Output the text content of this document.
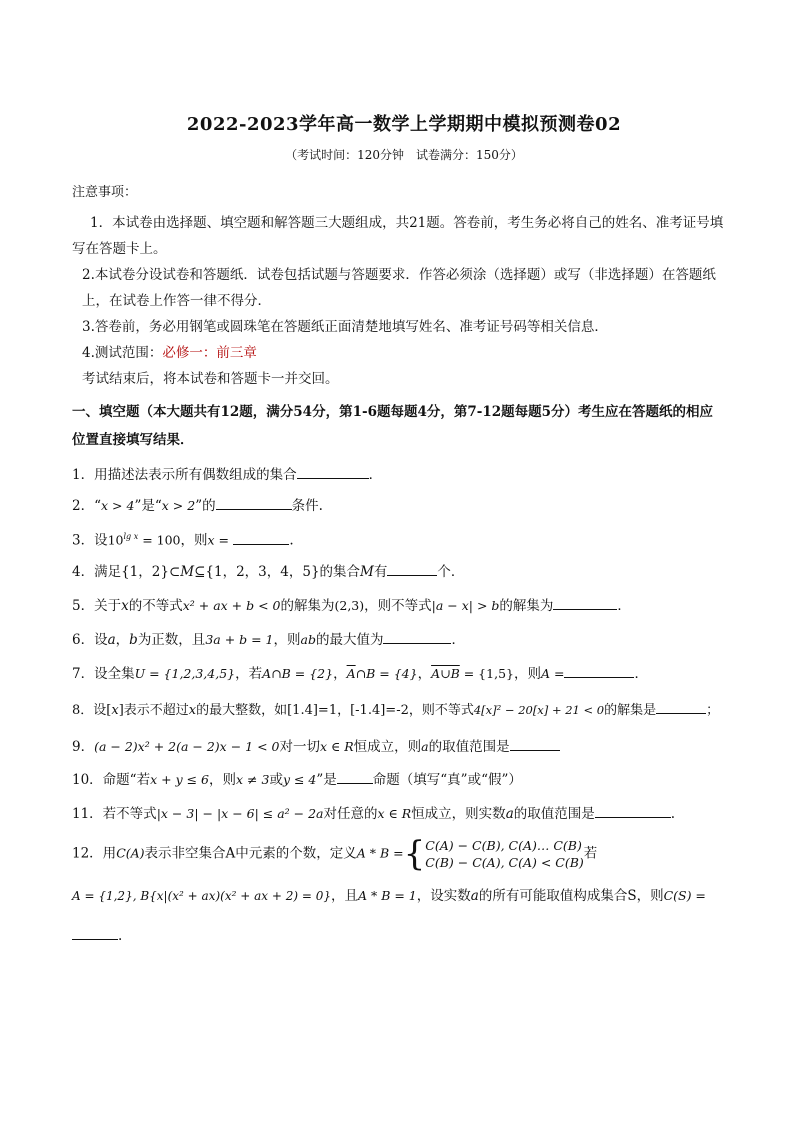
2022-2023学年高一数学上学期期中模拟预测卷02
（考试时间：120分钟　试卷满分：150分）
注意事项：

1．本试卷由选择题、填空题和解答题三大题组成，共21题。答卷前，考生务必将自己的姓名、准考证号填写在答题卡上。

2.本试卷分设试卷和答题纸．试卷包括试题与答题要求．作答必须涂（选择题）或写（非选择题）在答题纸上，在试卷上作答一律不得分．

3.答卷前，务必用钢笔或圆珠笔在答题纸正面清楚地填写姓名、准考证号码等相关信息．

4.测试范围：必修一：前三章

考试结束后，将本试卷和答题卡一并交回。

一、填空题（本大题共有12题，满分54分，第1-6题每题4分，第7-12题每题5分）考生应在答题纸的相应位置直接填写结果．

1．用描述法表示所有偶数组成的集合	．

2．“x > 4”是“x > 2”的	条件.

3．设$10^{lg x} = 100$，则x =	.

4．满足{1，2}⊂M⊆{1，2，3，4，5}的集合M有	个．

5．关于x的不等式x² + ax + b < 0的解集为(2,3)，则不等式|a − x| > b的解集为	．

6．设a，b为正数，且3a + b = 1，则ab的最大值为	．

7．设全集U = {1,2,3,4,5}，若A∩B = {2}，$\overline{A}\cap B = \{4\}$，A∪B = {1,5}，则A =	．

8．设[x]表示不超过x的最大整数，如[1.4]=1，[-1.4]=-2，则不等式4[x]² − 20[x] + 21 < 0的解集是	；

9．(a − 2)x² + 2(a − 2)x − 1 < 0对一切x ∈ R恒成立，则a的取值范围是

10．命题“若x + y ≤ 6，则x ≠ 3或y ≤ 4”是	命题（填写“真”或“假”）

11．若不等式|x − 3| − |x − 6| ≤ a² − 2a对任意的x ∈ R恒成立，则实数a的取值范围是	.

12．用C(A)表示非空集合A中元素的个数，定义A * B ={ C(A) − C(B), C(A)… C(B)
C(B) − C(A), C(A) < C(B)
若

A = {1,2}, B{x|(x² + ax)(x² + ax + 2) = 0}，且A * B = 1，设实数a的所有可能取值构成集合S，则C(S) =

.
